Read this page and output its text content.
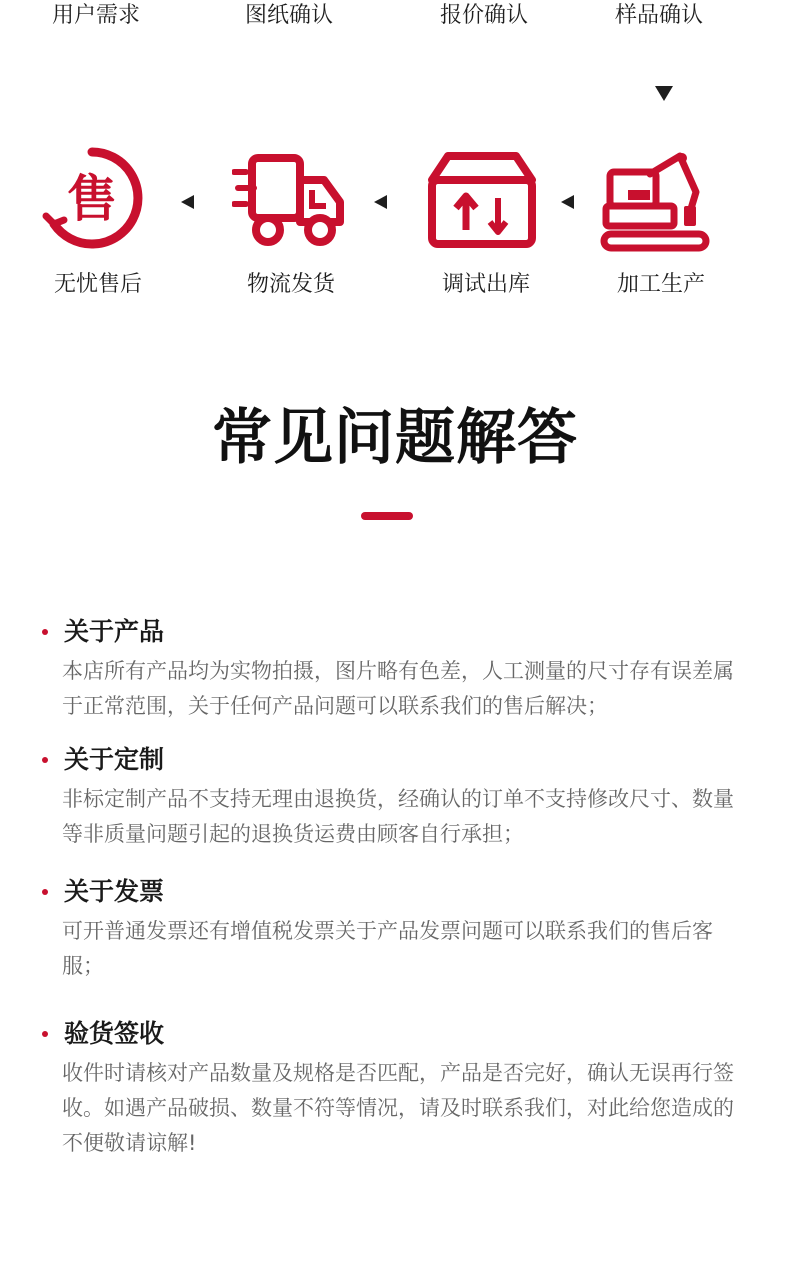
用户需求	图纸确认	报价确认	样品确认
售
无忧售后	物流发货	调试出库	加工生产
常见问题解答
关于产品
本店所有产品均为实物拍摄，图片略有色差，人工测量的尺寸存有误差属于正常范围，关于任何产品问题可以联系我们的售后解决；
关于定制
非标定制产品不支持无理由退换货，经确认的订单不支持修改尺寸、数量等非质量问题引起的退换货运费由顾客自行承担；
关于发票
可开普通发票还有增值税发票关于产品发票问题可以联系我们的售后客服；
验货签收
收件时请核对产品数量及规格是否匹配，产品是否完好，确认无误再行签收。如遇产品破损、数量不符等情况，请及时联系我们，对此给您造成的不便敬请谅解!
